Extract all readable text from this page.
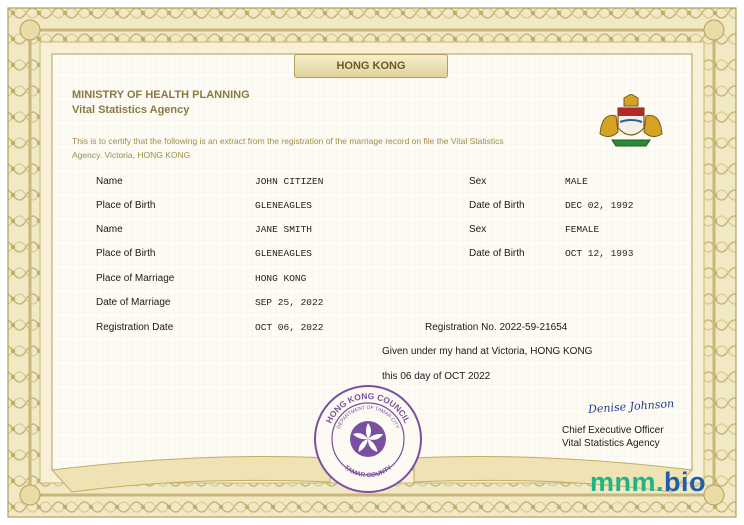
HONG KONG
MINISTRY OF HEALTH PLANNING
Vital Statistics Agency
This is to certify that the following is an extract from the registration of the marriage record on file the Vital Statistics Agency. Victoria, HONG KONG
Name	JOHN CITIZEN	Sex	MALE
Place of Birth	GLENEAGLES	Date of Birth	DEC 02, 1992
Name	JANE SMITH	Sex	FEMALE
Place of Birth	GLENEAGLES	Date of Birth	OCT 12, 1993
Place of Marriage	HONG KONG
Date of Marriage	SEP 25, 2022
Registration Date	OCT 06, 2022	Registration No. 2022-59-21654
Given under my hand at Victoria, HONG KONG
this 06 day of OCT 2022
Denise Johnson
Chief Executive Officer
Vital Statistics Agency
HONG KONG COUNCIL
DEPARTMENT OF TAMAR CITY
TAMAR COUNTY	mnm.bio
